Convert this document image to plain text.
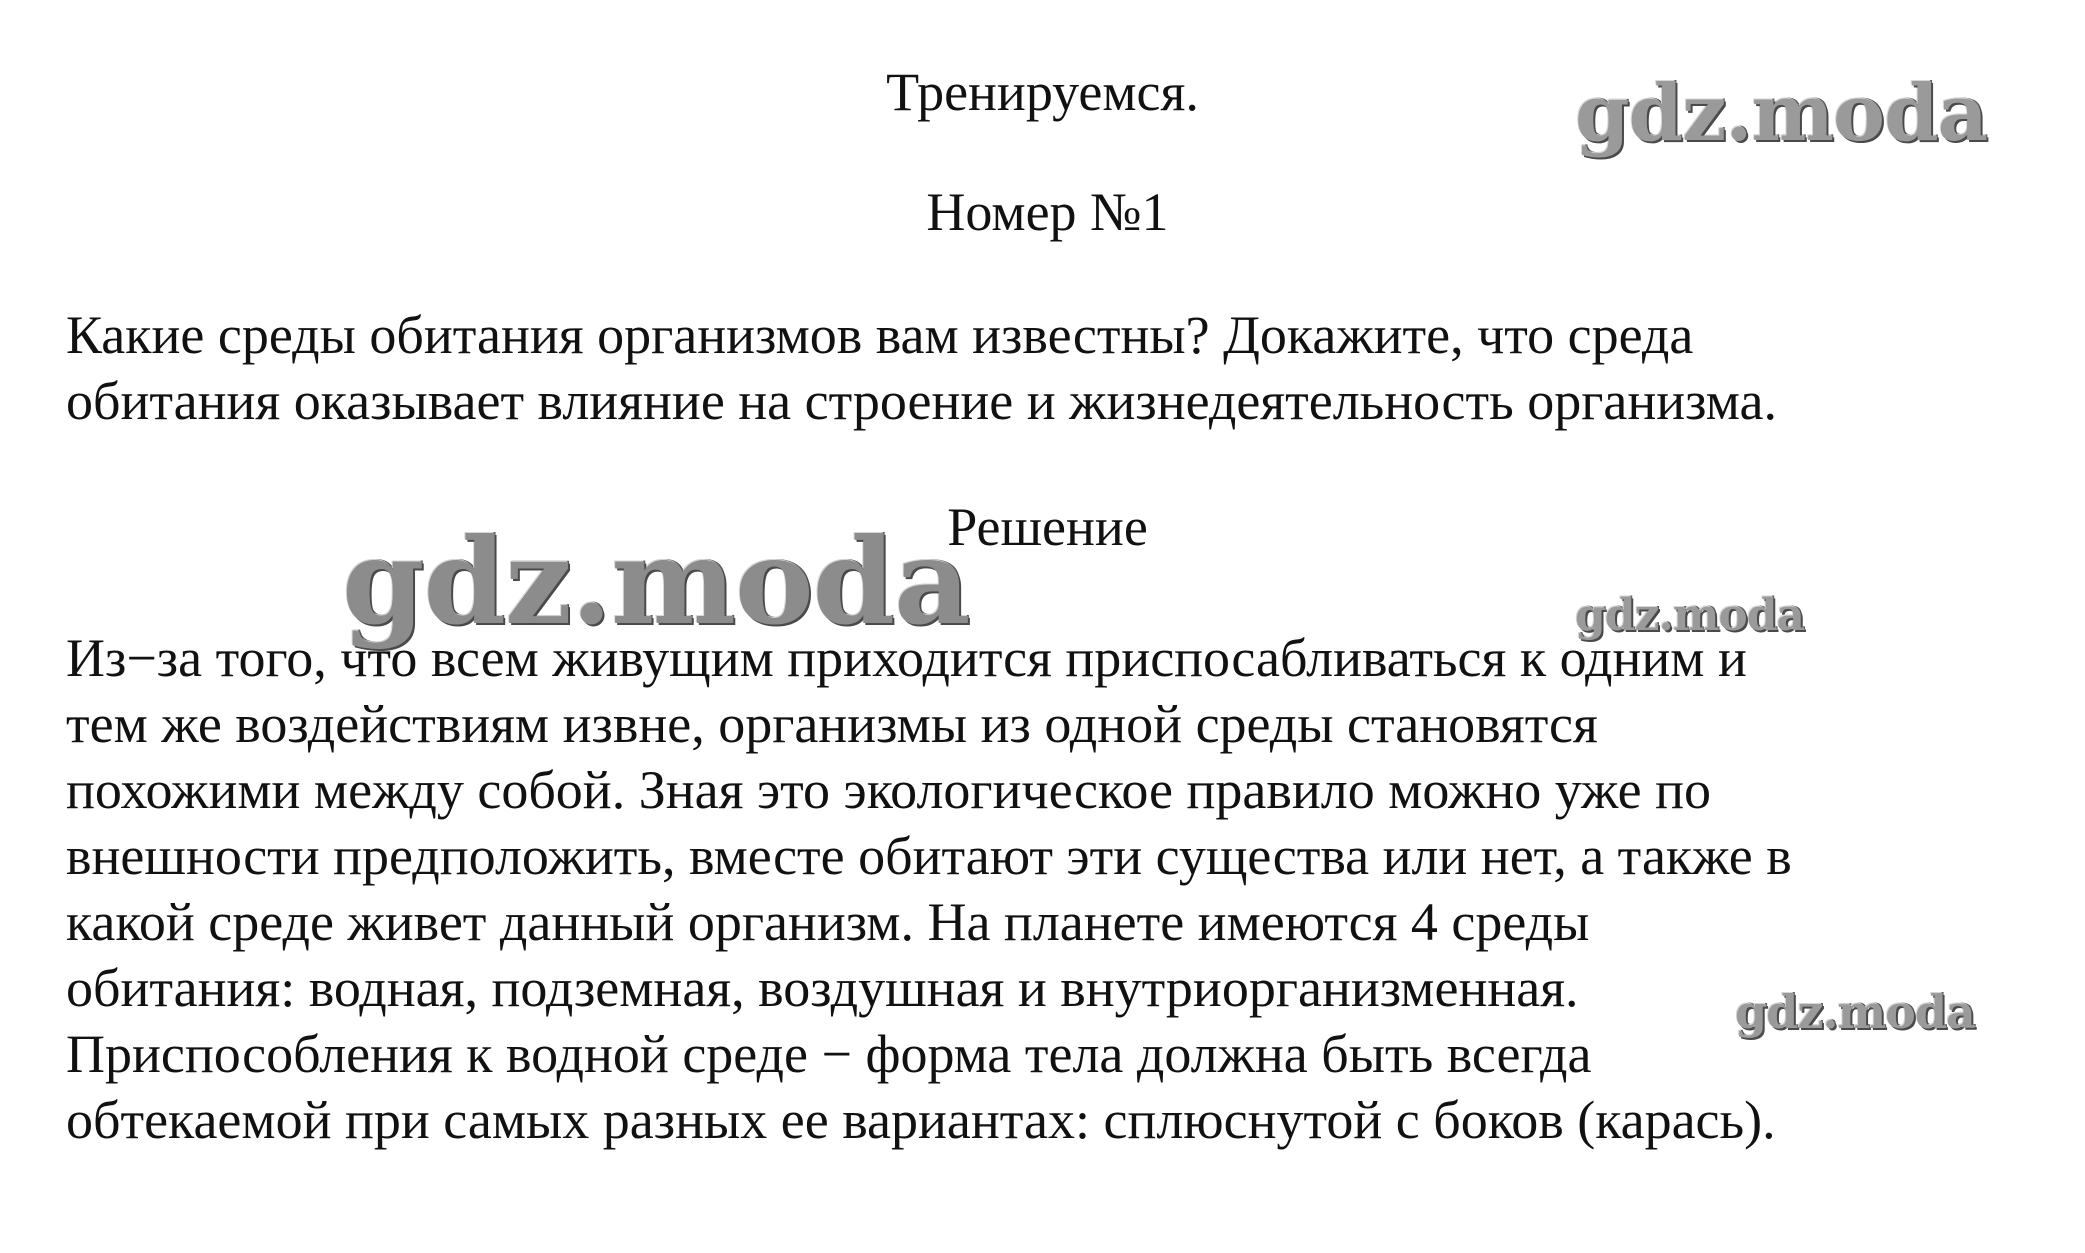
Тренируемся.
Номер №1
Какие среды обитания организмов вам известны? Докажите, что среда
обитания оказывает влияние на строение и жизнедеятельность организма.
Решение
Из−за того, что всем живущим приходится приспосабливаться к одним и
тем же воздействиям извне, организмы из одной среды становятся
похожими между собой. Зная это экологическое правило можно уже по
внешности предположить, вместе обитают эти существа или нет, а также в
какой среде живет данный организм. На планете имеются 4 среды
обитания: водная, подземная, воздушная и внутриорганизменная.
Приспособления к водной среде − форма тела должна быть всегда
обтекаемой при самых разных ее вариантах: сплюснутой с боков (карась).
gdz.moda
gdz.moda	gdz.moda
gdz.moda
